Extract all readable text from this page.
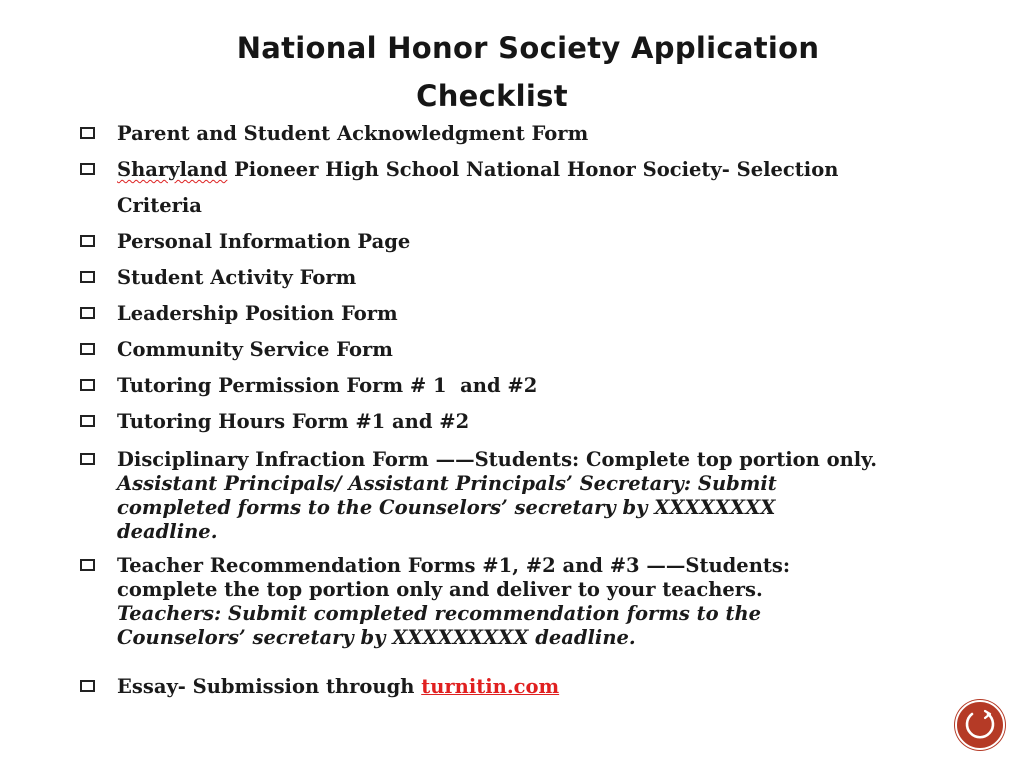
National Honor Society Application
Checklist
Parent and Student Acknowledgment Form
Sharyland Pioneer High School National Honor Society- Selection
Criteria
Personal Information Page
Student Activity Form
Leadership Position Form
Community Service Form
Tutoring Permission Form # 1  and #2
Tutoring Hours Form #1 and #2
Disciplinary Infraction Form ——Students: Complete top portion only.
Assistant Principals/ Assistant Principals’ Secretary: Submit
completed forms to the Counselors’ secretary by XXXXXXXX
deadline.
Teacher Recommendation Forms #1, #2 and #3 ——Students:
complete the top portion only and deliver to your teachers.
Teachers: Submit completed recommendation forms to the
Counselors’ secretary by XXXXXXXXX deadline.
Essay- Submission through turnitin.com
